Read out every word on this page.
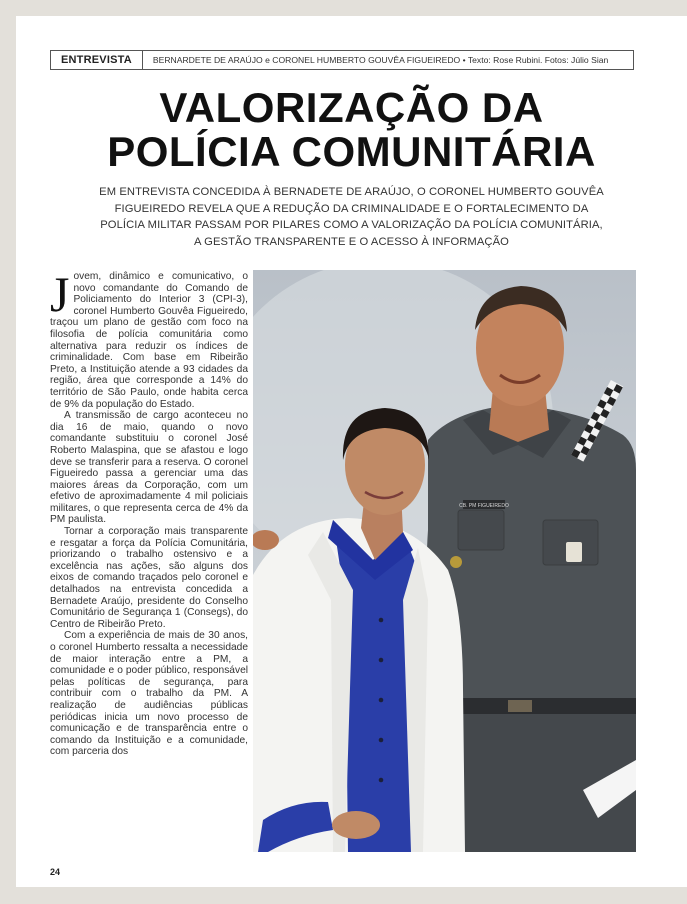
ENTREVISTA	BERNARDETE DE ARAÚJO e CORONEL HUMBERTO GOUVÊA FIGUEIREDO • Texto: Rose Rubini. Fotos: Júlio Sian
VALORIZAÇÃO DA
POLÍCIA COMUNITÁRIA
EM ENTREVISTA CONCEDIDA À BERNADETE DE ARAÚJO, O CORONEL HUMBERTO GOUVÊA FIGUEIREDO REVELA QUE A REDUÇÃO DA CRIMINALIDADE E O FORTALECIMENTO DA POLÍCIA MILITAR PASSAM POR PILARES COMO A VALORIZAÇÃO DA POLÍCIA COMUNITÁRIA, A GESTÃO TRANSPARENTE E O ACESSO À INFORMAÇÃO

Jovem, dinâmico e comunicativo, o novo comandante do Comando de Policiamento do Interior 3 (CPI-3), coronel Humberto Gouvêa Figueiredo, traçou um plano de gestão com foco na filosofia de polícia comunitária como alternativa para reduzir os índices de criminalidade. Com base em Ribeirão Preto, a Instituição atende a 93 cidades da região, área que corresponde a 14% do território de São Paulo, onde habita cerca de 9% da população do Estado.

A transmissão de cargo aconteceu no dia 16 de maio, quando o novo comandante substituiu o coronel José Roberto Malaspina, que se afastou e logo deve se transferir para a reserva. O coronel Figueiredo passa a gerenciar uma das maiores áreas da Corporação, com um efetivo de aproximadamente 4 mil policiais militares, o que representa cerca de 4% da PM paulista.

Tornar a corporação mais transparente e resgatar a força da Polícia Comunitária, priorizando o trabalho ostensivo e a excelência nas ações, são alguns dos eixos de comando traçados pelo coronel e detalhados na entrevista concedida a Bernadete Araújo, presidente do Conselho Comunitário de Segurança 1 (Consegs), do Centro de Ribeirão Preto.

Com a experiência de mais de 30 anos, o coronel Humberto ressalta a necessidade de maior interação entre a PM, a comunidade e o poder público, responsável pelas políticas de segurança, para contribuir com o trabalho da PM. A realização de audiências públicas periódicas inicia um novo processo de comunicação e de transparência entre o comando da Instituição e a comunidade, com parceria dos

CB. PM FIGUEIREDO
24
